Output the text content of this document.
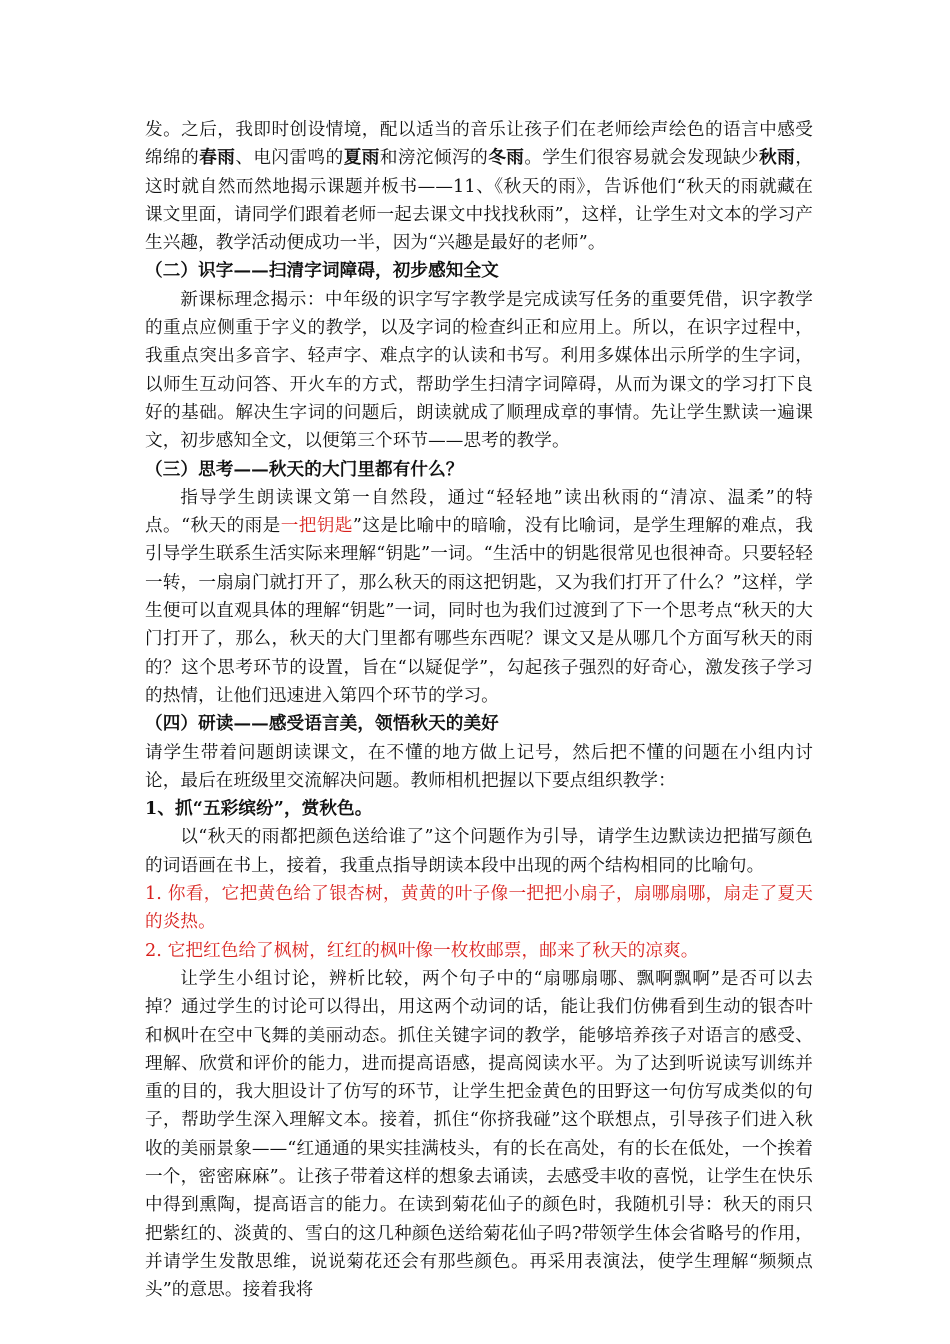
发。之后，我即时创设情境，配以适当的音乐让孩子们在老师绘声绘色的语言中感受绵绵的春雨、电闪雷鸣的夏雨和滂沱倾泻的冬雨。学生们很容易就会发现缺少秋雨，这时就自然而然地揭示课题并板书——11、《秋天的雨》，告诉他们“秋天的雨就藏在课文里面，请同学们跟着老师一起去课文中找找秋雨”，这样，让学生对文本的学习产生兴趣，教学活动便成功一半，因为“兴趣是最好的老师”。

（二）识字——扫清字词障碍，初步感知全文

新课标理念揭示：中年级的识字写字教学是完成读写任务的重要凭借，识字教学的重点应侧重于字义的教学，以及字词的检查纠正和应用上。所以，在识字过程中，我重点突出多音字、轻声字、难点字的认读和书写。利用多媒体出示所学的生字词，以师生互动问答、开火车的方式，帮助学生扫清字词障碍，从而为课文的学习打下良好的基础。解决生字词的问题后，朗读就成了顺理成章的事情。先让学生默读一遍课文，初步感知全文，以便第三个环节——思考的教学。

（三）思考——秋天的大门里都有什么？

指导学生朗读课文第一自然段，通过“轻轻地”读出秋雨的“清凉、温柔”的特点。“秋天的雨是一把钥匙”这是比喻中的暗喻，没有比喻词，是学生理解的难点，我引导学生联系生活实际来理解“钥匙”一词。“生活中的钥匙很常见也很神奇。只要轻轻一转，一扇扇门就打开了，那么秋天的雨这把钥匙，又为我们打开了什么？”这样，学生便可以直观具体的理解“钥匙”一词，同时也为我们过渡到了下一个思考点“秋天的大门打开了，那么，秋天的大门里都有哪些东西呢？课文又是从哪几个方面写秋天的雨的？这个思考环节的设置，旨在“以疑促学”，勾起孩子强烈的好奇心，激发孩子学习的热情，让他们迅速进入第四个环节的学习。

（四）研读——感受语言美，领悟秋天的美好

请学生带着问题朗读课文，在不懂的地方做上记号，然后把不懂的问题在小组内讨论，最后在班级里交流解决问题。教师相机把握以下要点组织教学：

1、抓“五彩缤纷”，赏秋色。

以“秋天的雨都把颜色送给谁了”这个问题作为引导，请学生边默读边把描写颜色的词语画在书上，接着，我重点指导朗读本段中出现的两个结构相同的比喻句。

1. 你看，它把黄色给了银杏树，黄黄的叶子像一把把小扇子，扇哪扇哪，扇走了夏天的炎热。

2. 它把红色给了枫树，红红的枫叶像一枚枚邮票，邮来了秋天的凉爽。

让学生小组讨论，辨析比较，两个句子中的“扇哪扇哪、飘啊飘啊”是否可以去掉？通过学生的讨论可以得出，用这两个动词的话，能让我们仿佛看到生动的银杏叶和枫叶在空中飞舞的美丽动态。抓住关键字词的教学，能够培养孩子对语言的感受、理解、欣赏和评价的能力，进而提高语感，提高阅读水平。为了达到听说读写训练并重的目的，我大胆设计了仿写的环节，让学生把金黄色的田野这一句仿写成类似的句子，帮助学生深入理解文本。接着，抓住“你挤我碰”这个联想点，引导孩子们进入秋收的美丽景象——“红通通的果实挂满枝头，有的长在高处，有的长在低处，一个挨着一个，密密麻麻”。让孩子带着这样的想象去诵读，去感受丰收的喜悦，让学生在快乐中得到熏陶，提高语言的能力。在读到菊花仙子的颜色时，我随机引导：秋天的雨只把紫红的、淡黄的、雪白的这几种颜色送给菊花仙子吗?带领学生体会省略号的作用，并请学生发散思维，说说菊花还会有那些颜色。再采用表演法，使学生理解“频频点头”的意思。接着我将
